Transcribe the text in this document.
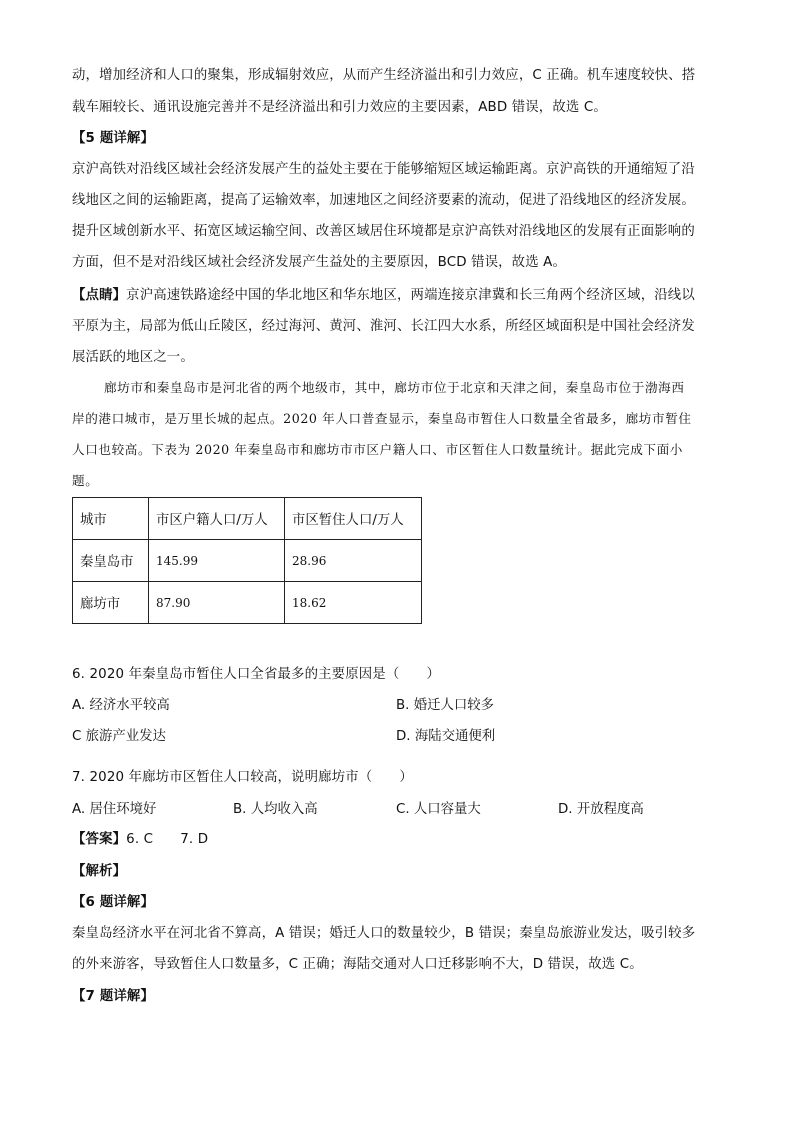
动，增加经济和人口的聚集，形成辐射效应，从而产生经济溢出和引力效应，C 正确。机车速度较快、搭
载车厢较长、通讯设施完善并不是经济溢出和引力效应的主要因素，ABD 错误，故选 C。
【5 题详解】
京沪高铁对沿线区域社会经济发展产生的益处主要在于能够缩短区域运输距离。京沪高铁的开通缩短了沿
线地区之间的运输距离，提高了运输效率，加速地区之间经济要素的流动，促进了沿线地区的经济发展。
提升区域创新水平、拓宽区域运输空间、改善区域居住环境都是京沪高铁对沿线地区的发展有正面影响的
方面，但不是对沿线区域社会经济发展产生益处的主要原因，BCD 错误，故选 A。
【点睛】京沪高速铁路途经中国的华北地区和华东地区，两端连接京津冀和长三角两个经济区域，沿线以
平原为主，局部为低山丘陵区，经过海河、黄河、淮河、长江四大水系，所经区域面积是中国社会经济发
展活跃的地区之一。
廊坊市和秦皇岛市是河北省的两个地级市，其中，廊坊市位于北京和天津之间，秦皇岛市位于渤海西
岸的港口城市，是万里长城的起点。2020 年人口普查显示，秦皇岛市暂住人口数量全省最多，廊坊市暂住
人口也较高。下表为 2020 年秦皇岛市和廊坊市市区户籍人口、市区暂住人口数量统计。据此完成下面小
题。
城市	市区户籍人口/万人	市区暂住人口/万人
秦皇岛市	145.99	28.96
廊坊市	87.90	18.62
6. 2020 年秦皇岛市暂住人口全省最多的主要原因是（　　）
A. 经济水平较高	B. 婚迁人口较多
C 旅游产业发达	D. 海陆交通便利
7. 2020 年廊坊市区暂住人口较高，说明廊坊市（　　）
A. 居住环境好	B. 人均收入高	C. 人口容量大	D. 开放程度高
【答案】6. C　　7. D
【解析】
【6 题详解】
秦皇岛经济水平在河北省不算高，A 错误；婚迁人口的数量较少，B 错误；秦皇岛旅游业发达，吸引较多
的外来游客，导致暂住人口数量多，C 正确；海陆交通对人口迁移影响不大，D 错误，故选 C。
【7 题详解】
